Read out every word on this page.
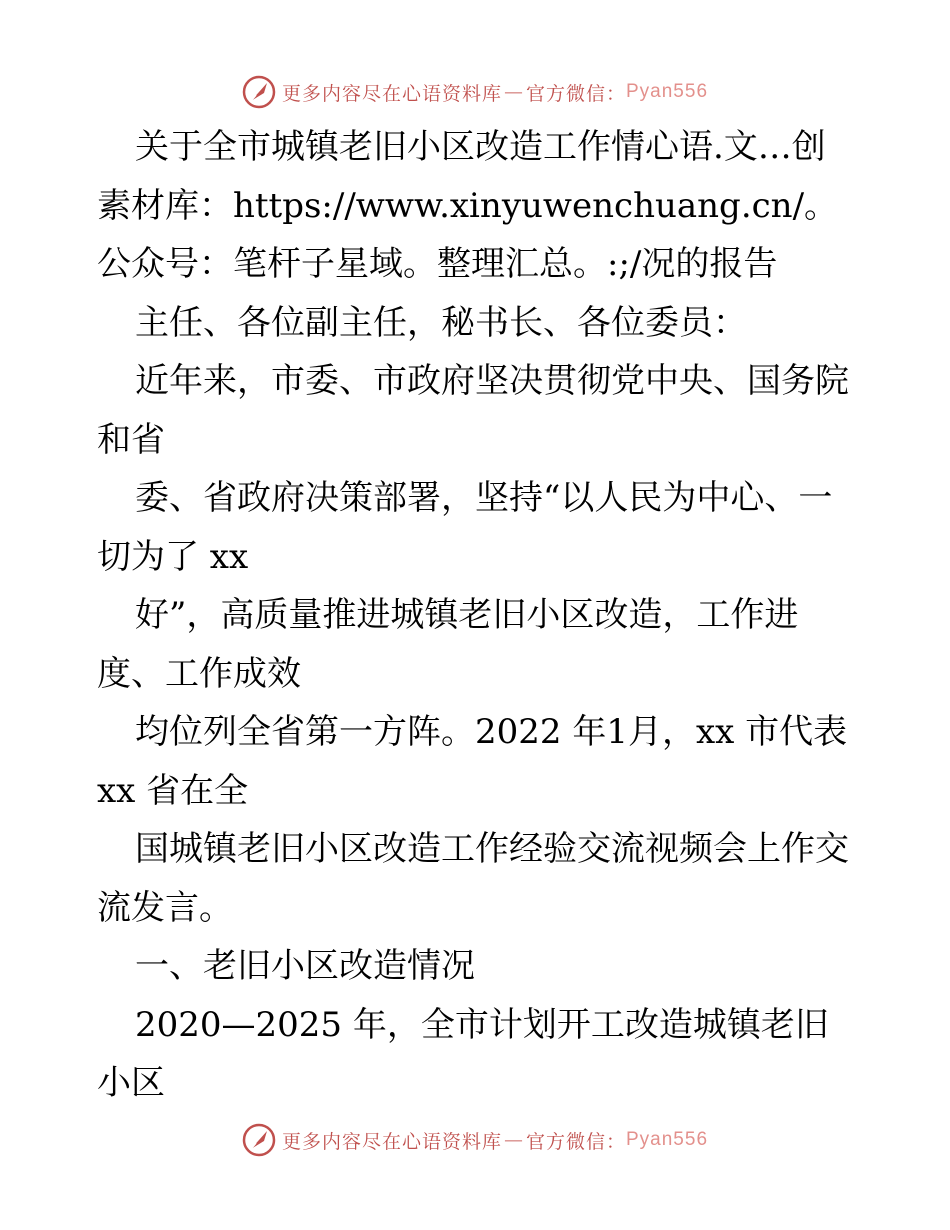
更多内容尽在心语资料库 — 官方微信： Pyan556

关于全市城镇老旧小区改造工作情心语.文…创素材库：https://www.xinyuwenchuang.cn/。公众号：笔杆子星域。整理汇总。:;/况的报告

主任、各位副主任，秘书长、各位委员：

近年来，市委、市政府坚决贯彻党中央、国务院和省

委、省政府决策部署，坚持“以人民为中心、一切为了 xx

好”，高质量推进城镇老旧小区改造，工作进度、工作成效

均位列全省第一方阵。2022 年1月，xx 市代表 xx 省在全

国城镇老旧小区改造工作经验交流视频会上作交流发言。

一、老旧小区改造情况

2020—2025 年，全市计划开工改造城镇老旧小区

更多内容尽在心语资料库 — 官方微信： Pyan556
